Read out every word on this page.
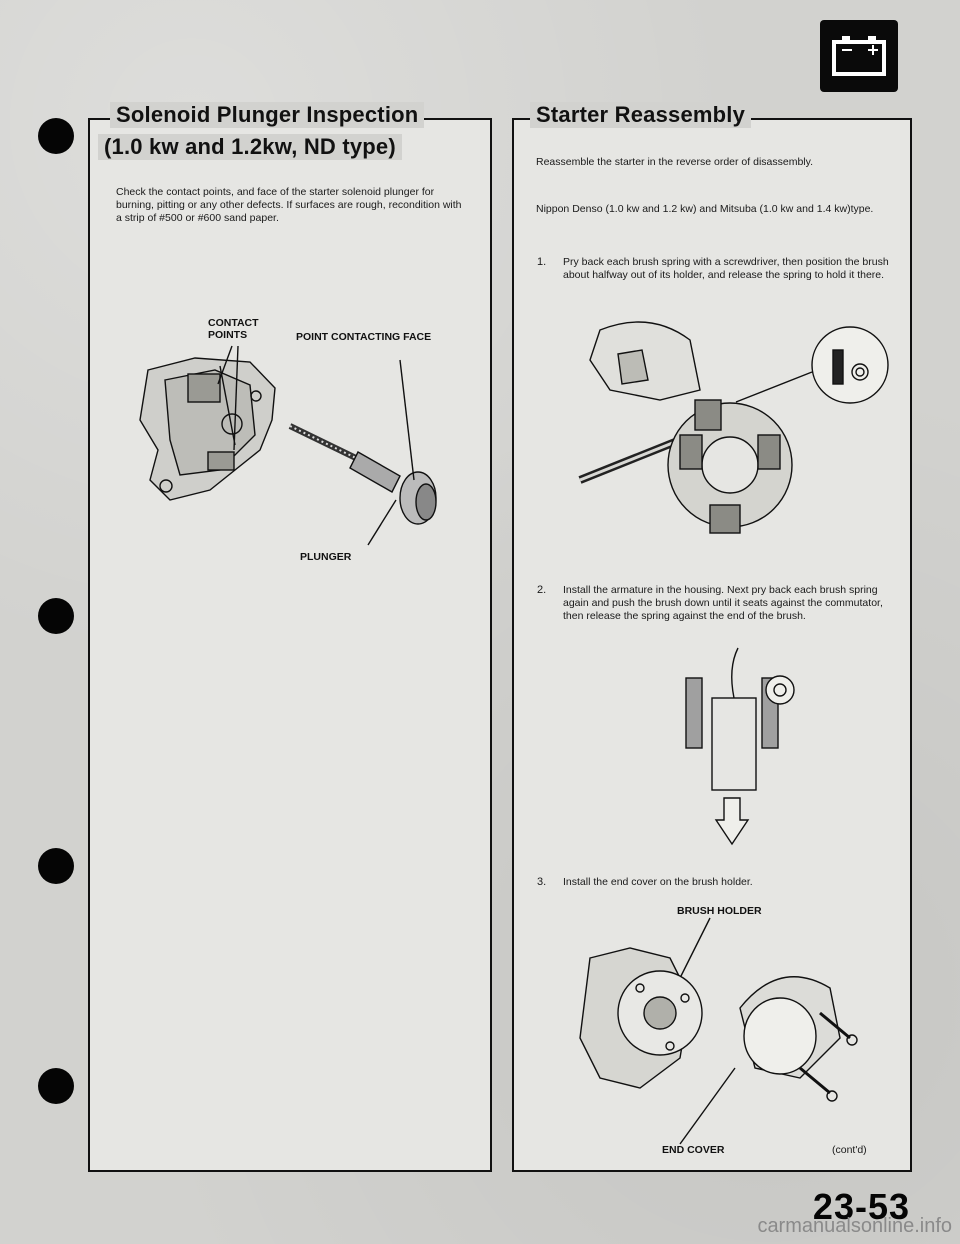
Solenoid Plunger Inspection
(1.0 kw and 1.2kw, ND type)
Starter Reassembly
Check the contact points, and face of the starter solenoid plunger for burning, pitting or any other defects. If surfaces are rough, recondition with a strip of #500 or #600 sand paper.
CONTACT
POINTS	POINT CONTACTING FACE
PLUNGER
Reassemble the starter in the reverse order of disassembly.
Nippon Denso (1.0 kw and 1.2 kw) and Mitsuba (1.0 kw and 1.4 kw)type.
1. Pry back each brush spring with a screwdriver, then position the brush about halfway out of its holder, and release the spring to hold it there.
2. Install the armature in the housing. Next pry back each brush spring again and push the brush down until it seats against the commutator, then release the spring against the end of the brush.
3. Install the end cover on the brush holder.
BRUSH HOLDER
END COVER	(cont'd)
23-53
carmanualsonline.info
